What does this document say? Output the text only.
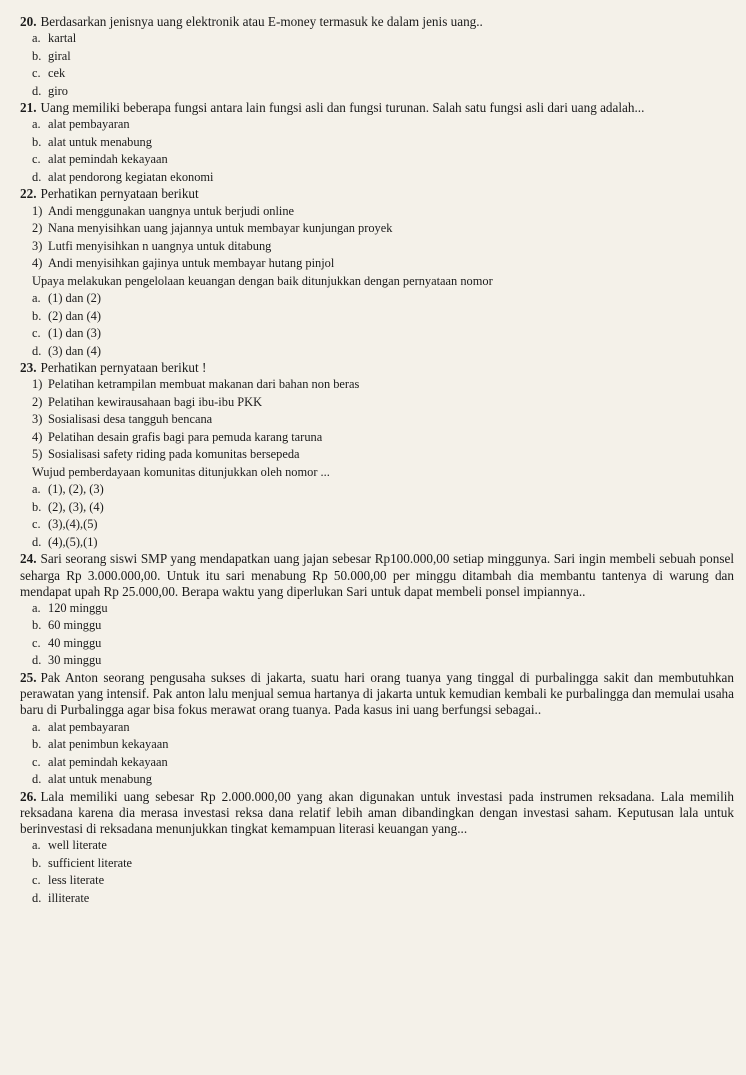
20. Berdasarkan jenisnya uang elektronik atau E-money termasuk ke dalam jenis uang..

a. kartal
b. giral
c. cek
d. giro

21. Uang memiliki beberapa fungsi antara lain fungsi asli dan fungsi turunan. Salah satu fungsi asli dari uang adalah...

a. alat pembayaran
b. alat untuk menabung
c. alat pemindah kekayaan
d. alat pendorong kegiatan ekonomi

22. Perhatikan pernyataan berikut

1) Andi menggunakan uangnya untuk berjudi online
2) Nana menyisihkan uang jajannya untuk membayar kunjungan proyek
3) Lutfi menyisihkan n uangnya untuk ditabung
4) Andi menyisihkan gajinya untuk membayar hutang pinjol

Upaya melakukan pengelolaan keuangan dengan baik ditunjukkan dengan pernyataan nomor

a. (1) dan (2)
b. (2) dan (4)
c. (1) dan (3)
d. (3) dan (4)

23. Perhatikan pernyataan berikut !

1) Pelatihan ketrampilan membuat makanan dari bahan non beras
2) Pelatihan kewirausahaan bagi ibu-ibu PKK
3) Sosialisasi desa tangguh bencana
4) Pelatihan desain grafis bagi para pemuda karang taruna
5) Sosialisasi safety riding pada komunitas bersepeda

Wujud pemberdayaan komunitas ditunjukkan oleh nomor ...

a. (1), (2), (3)
b. (2), (3), (4)
c. (3),(4),(5)
d. (4),(5),(1)

24. Sari seorang siswi SMP yang mendapatkan uang jajan sebesar Rp100.000,00 setiap minggunya. Sari ingin membeli sebuah ponsel seharga Rp 3.000.000,00. Untuk itu sari menabung Rp 50.000,00 per minggu ditambah dia membantu tantenya di warung dan mendapat upah Rp 25.000,00. Berapa waktu yang diperlukan Sari untuk dapat membeli ponsel impiannya..

a. 120 minggu
b. 60 minggu
c. 40 minggu
d. 30 minggu

25. Pak Anton seorang pengusaha sukses di jakarta, suatu hari orang tuanya yang tinggal di purbalingga sakit dan membutuhkan perawatan yang intensif. Pak anton lalu menjual semua hartanya di jakarta untuk kemudian kembali ke purbalingga dan memulai usaha baru di Purbalingga agar bisa fokus merawat orang tuanya. Pada kasus ini uang berfungsi sebagai..

a. alat pembayaran
b. alat penimbun kekayaan
c. alat pemindah kekayaan
d. alat untuk menabung

26. Lala memiliki uang sebesar Rp 2.000.000,00 yang akan digunakan untuk investasi pada instrumen reksadana. Lala memilih reksadana karena dia merasa investasi reksa dana relatif lebih aman dibandingkan dengan investasi saham. Keputusan lala untuk berinvestasi di reksadana menunjukkan tingkat kemampuan literasi keuangan yang...

a. well literate
b. sufficient literate
c. less literate
d. illiterate
